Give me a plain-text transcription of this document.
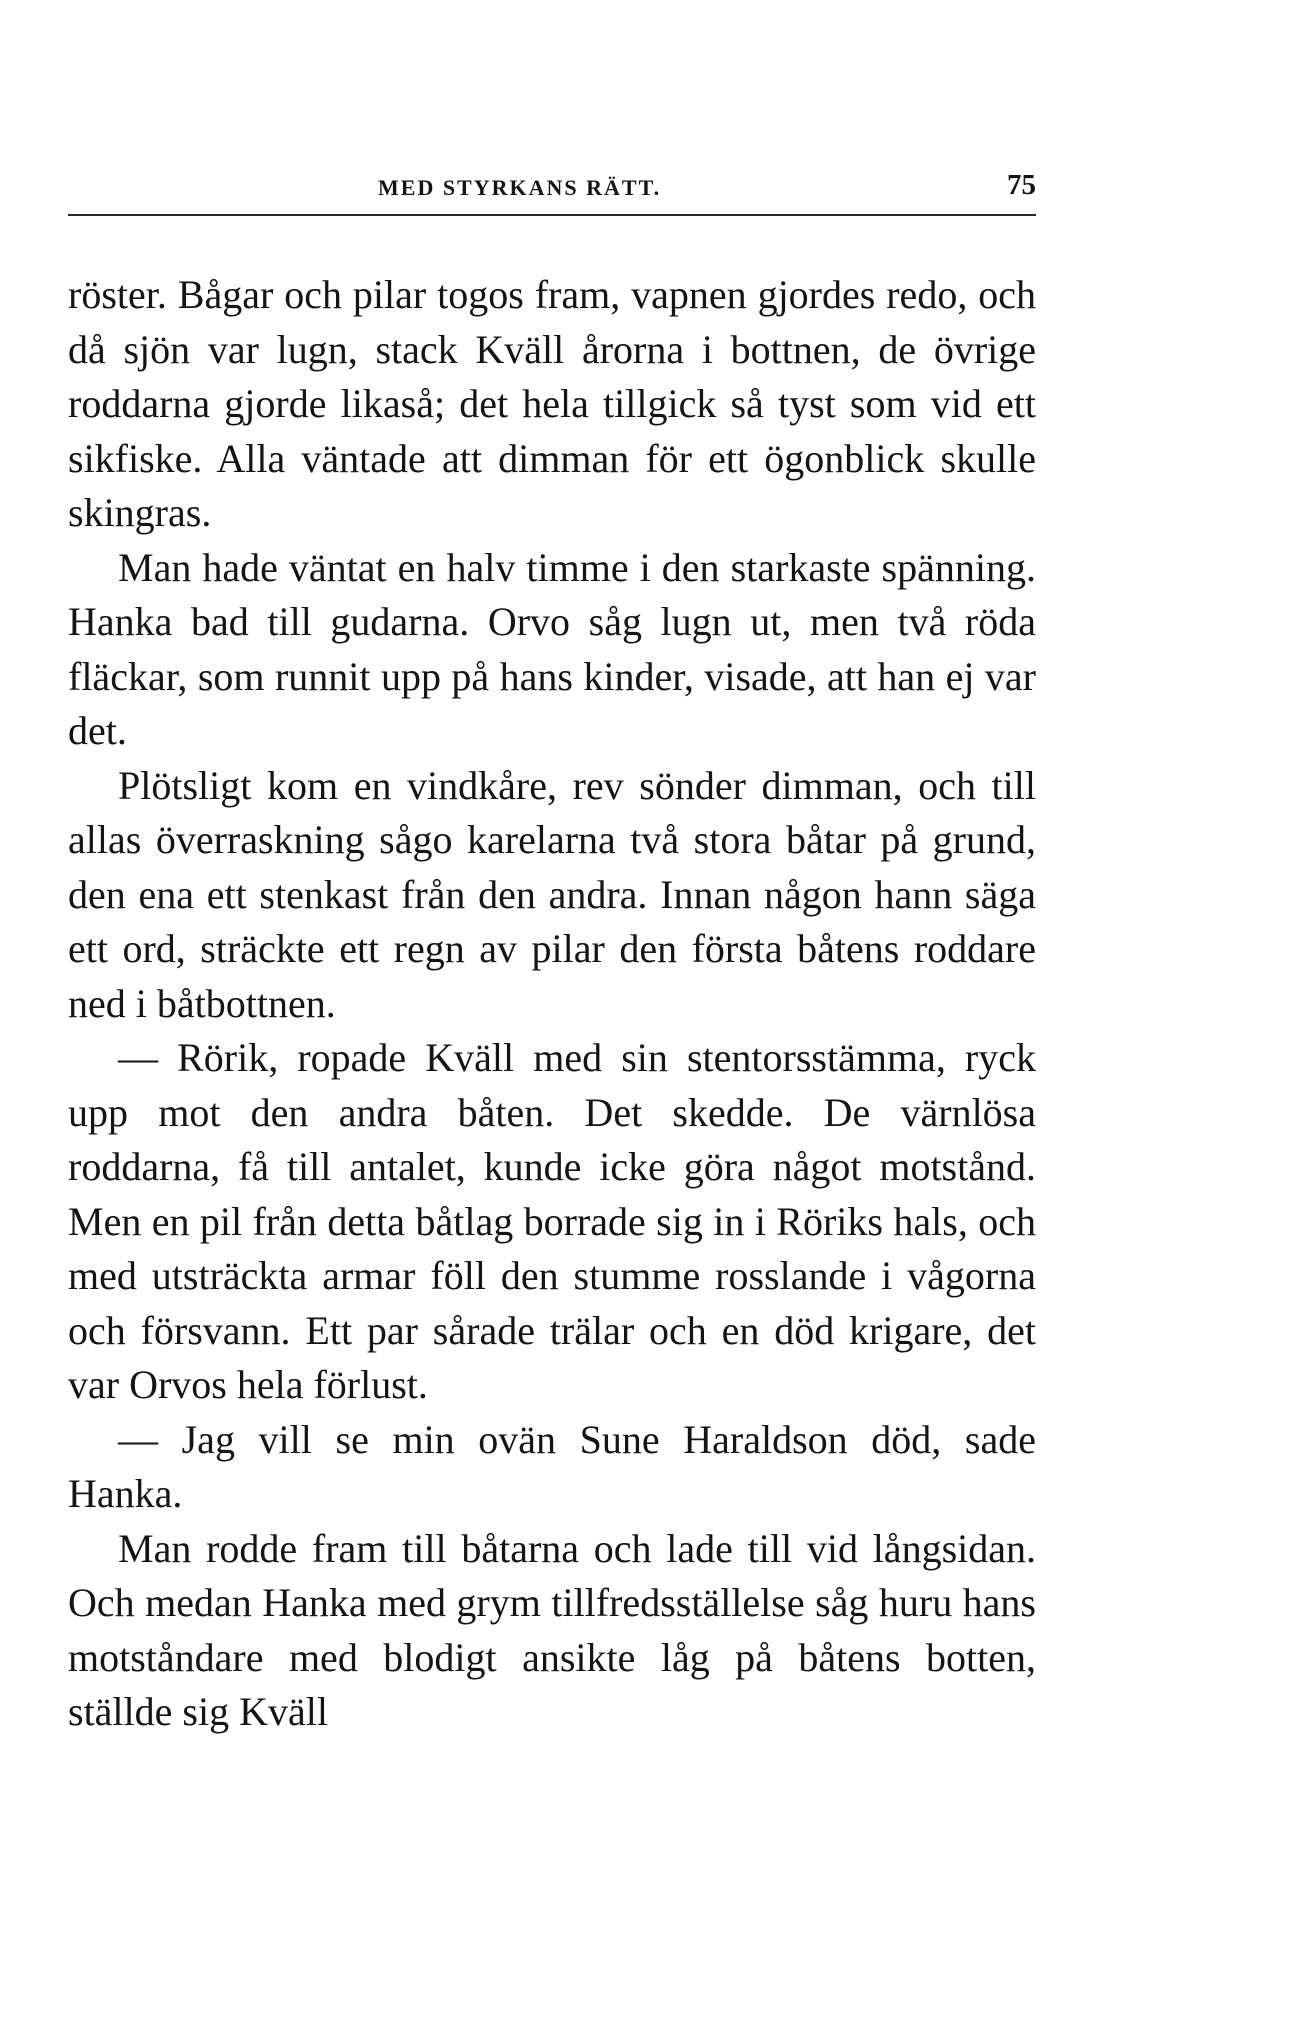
MED STYRKANS RÄTT.	75

röster. Bågar och pilar togos fram, vapnen gjordes redo, och då sjön var lugn, stack Kväll årorna i bottnen, de övrige roddarna gjorde likaså; det hela tillgick så tyst som vid ett sikfiske. Alla väntade att dimman för ett ögonblick skulle skingras.

Man hade väntat en halv timme i den starkaste spänning. Hanka bad till gudarna. Orvo såg lugn ut, men två röda fläckar, som runnit upp på hans kinder, visade, att han ej var det.

Plötsligt kom en vindkåre, rev sönder dimman, och till allas överraskning sågo karelarna två stora båtar på grund, den ena ett stenkast från den andra. Innan någon hann säga ett ord, sträckte ett regn av pilar den första båtens roddare ned i båtbottnen.

— Rörik, ropade Kväll med sin stentorsstämma, ryck upp mot den andra båten. Det skedde. De värnlösa roddarna, få till antalet, kunde icke göra något motstånd. Men en pil från detta båtlag borrade sig in i Röriks hals, och med utsträckta armar föll den stumme rosslande i vågorna och försvann. Ett par sårade trälar och en död krigare, det var Orvos hela förlust.

— Jag vill se min ovän Sune Haraldson död, sade Hanka.

Man rodde fram till båtarna och lade till vid långsidan. Och medan Hanka med grym tillfredsställelse såg huru hans motståndare med blodigt ansikte låg på båtens botten, ställde sig Kväll
